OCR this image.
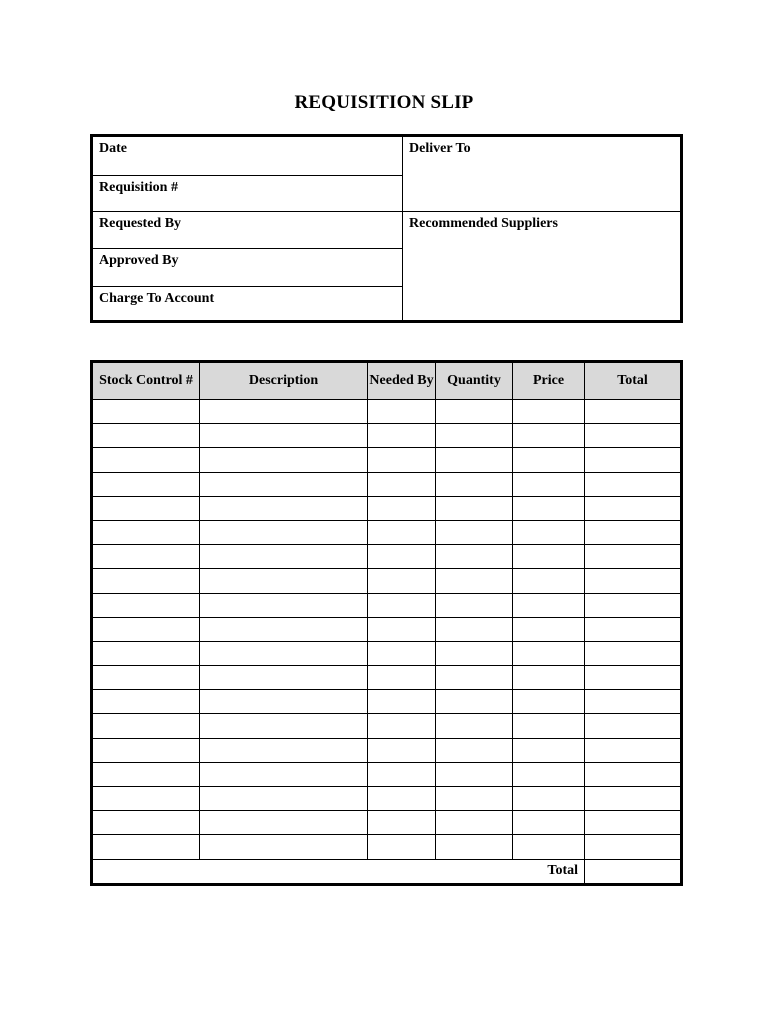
REQUISITION SLIP
Date
Requisition #
Requested By
Approved By
Charge To Account
Deliver To
Recommended Suppliers
Stock Control #	Description	Needed By	Quantity	Price	Total

Total					
